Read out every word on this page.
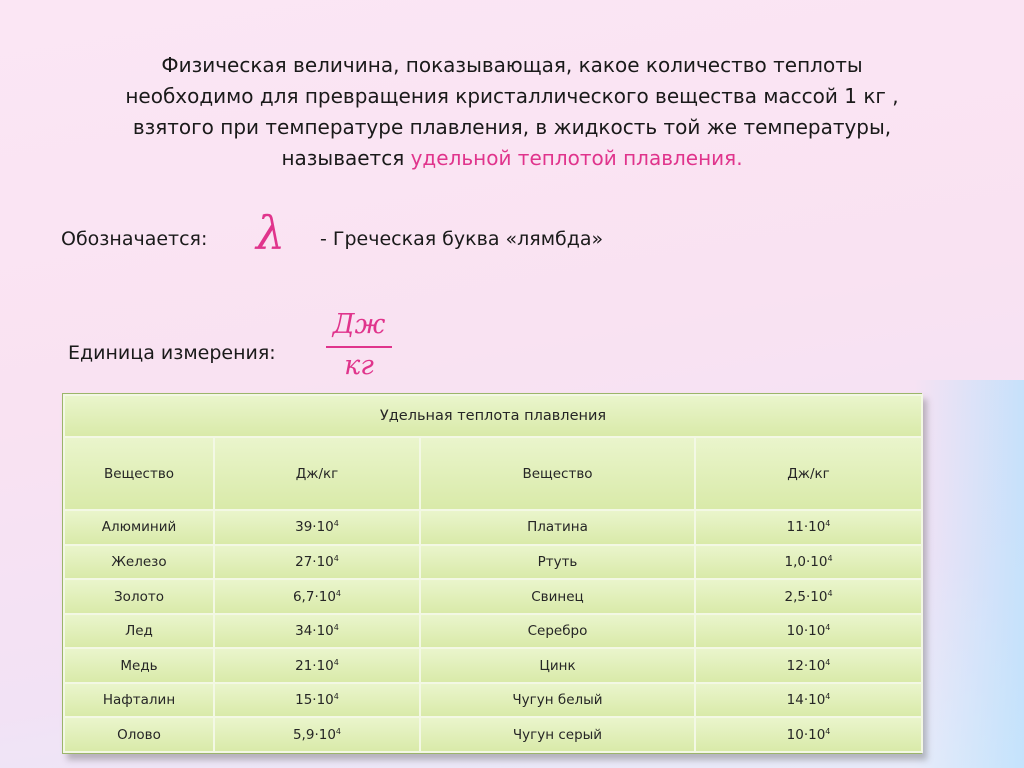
Физическая величина, показывающая, какое количество теплоты
необходимо для превращения кристаллического вещества массой 1 кг ,
взятого при температуре плавления, в жидкость той же температуры,
называется удельной теплотой плавления.

Обозначается: λ - Греческая буква «лямбда»
Единица измерения:
Дж
кг
Удельная теплота плавления			
Вещество	Дж/кг	Вещество	Дж/кг
Алюминий	$39\cdot 10^4$	Платина	$11\cdot 10^4$
Железо	$27\cdot 10^4$	Ртуть	$1,0\cdot 10^4$
Золото	$6,7\cdot 10^4$	Свинец	$2,5\cdot 10^4$
Лед	$34\cdot 10^4$	Серебро	$10\cdot 10^4$
Медь	$21\cdot 10^4$	Цинк	$12\cdot 10^4$
Нафталин	$15\cdot 10^4$	Чугун белый	$14\cdot 10^4$
Олово	$5,9\cdot 10^4$	Чугун серый	$10\cdot 10^4$
